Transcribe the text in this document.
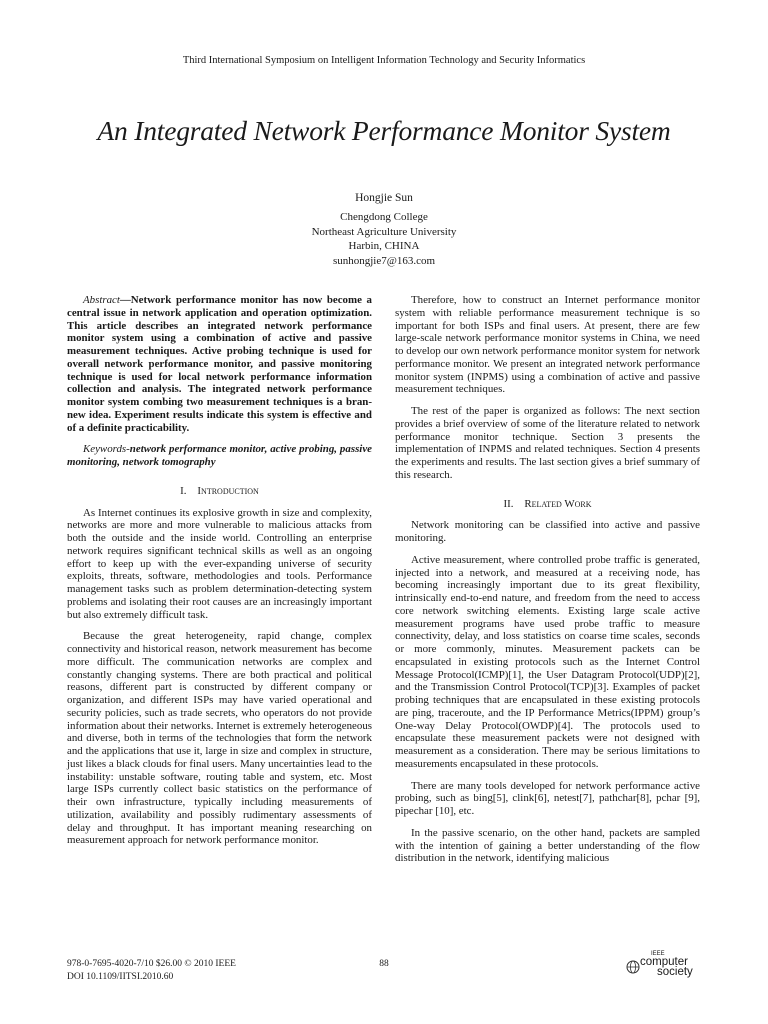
Third International Symposium on Intelligent Information Technology and Security Informatics
An Integrated Network Performance Monitor System
Hongjie Sun
Chengdong College
Northeast Agriculture University
Harbin, CHINA
sunhongjie7@163.com

Abstract—Network performance monitor has now become a central issue in network application and operation optimization. This article describes an integrated network performance monitor system using a combination of active and passive measurement techniques. Active probing technique is used for overall network performance monitor, and passive monitoring technique is used for local network performance information collection and analysis. The integrated network performance monitor system combing two measurement techniques is a bran-new idea. Experiment results indicate this system is effective and of a definite practicability.

Keywords-network performance monitor, active probing, passive monitoring, network tomography

I. Introduction

As Internet continues its explosive growth in size and complexity, networks are more and more vulnerable to malicious attacks from both the outside and the inside world. Controlling an enterprise network requires significant technical skills as well as an ongoing effort to keep up with the ever-expanding universe of security exploits, threats, software, methodologies and tools. Performance management tasks such as problem determination-detecting system problems and isolating their root causes are an increasingly important but also extremely difficult task.

Because the great heterogeneity, rapid change, complex connectivity and historical reason, network measurement has become more difficult. The communication networks are complex and constantly changing systems. There are both practical and political reasons, different part is constructed by different company or organization, and different ISPs may have varied operational and security policies, such as trade secrets, who operators do not provide information about their networks. Internet is extremely heterogeneous and diverse, both in terms of the technologies that form the network and the applications that use it, large in size and complex in structure, just likes a black clouds for final users. Many uncertainties lead to the instability: unstable software, routing table and system, etc. Most large ISPs currently collect basic statistics on the performance of their own infrastructure, typically including measurements of utilization, availability and possibly rudimentary assessments of delay and throughput. It has important meaning researching on measurement approach for network performance monitor.

Therefore, how to construct an Internet performance monitor system with reliable performance measurement technique is so important for both ISPs and final users. At present, there are few large-scale network performance monitor systems in China, we need to develop our own network performance monitor system for network performance monitor. We present an integrated network performance monitor system (INPMS) using a combination of active and passive measurement techniques.

The rest of the paper is organized as follows: The next section provides a brief overview of some of the literature related to network performance monitor technique. Section 3 presents the implementation of INPMS and related techniques. Section 4 presents the experiments and results. The last section gives a brief summary of this research.

II. Related Work

Network monitoring can be classified into active and passive monitoring.

Active measurement, where controlled probe traffic is generated, injected into a network, and measured at a receiving node, has becoming increasingly important due to its great flexibility, intrinsically end-to-end nature, and freedom from the need to access core network switching elements. Existing large scale active measurement programs have used probe traffic to measure connectivity, delay, and loss statistics on coarse time scales, seconds or more commonly, minutes. Measurement packets can be encapsulated in existing protocols such as the Internet Control Message Protocol(ICMP)[1], the User Datagram Protocol(UDP)[2], and the Transmission Control Protocol(TCP)[3]. Examples of packet probing techniques that are encapsulated in these existing protocols are ping, traceroute, and the IP Performance Metrics(IPPM) group’s One-way Delay Protocol(OWDP)[4]. The protocols used to encapsulate these measurement packets were not designed with measurement as a consideration. There may be serious limitations to measurements encapsulated in these protocols.

There are many tools developed for network performance active probing, such as bing[5], clink[6], netest[7], pathchar[8], pchar [9], pipechar [10], etc.

In the passive scenario, on the other hand, packets are sampled with the intention of gaining a better understanding of the flow distribution in the network, identifying malicious

978-0-7695-4020-7/10 $26.00 © 2010 IEEE
DOI 10.1109/IITSI.2010.60
88
IEEE
computer
society
